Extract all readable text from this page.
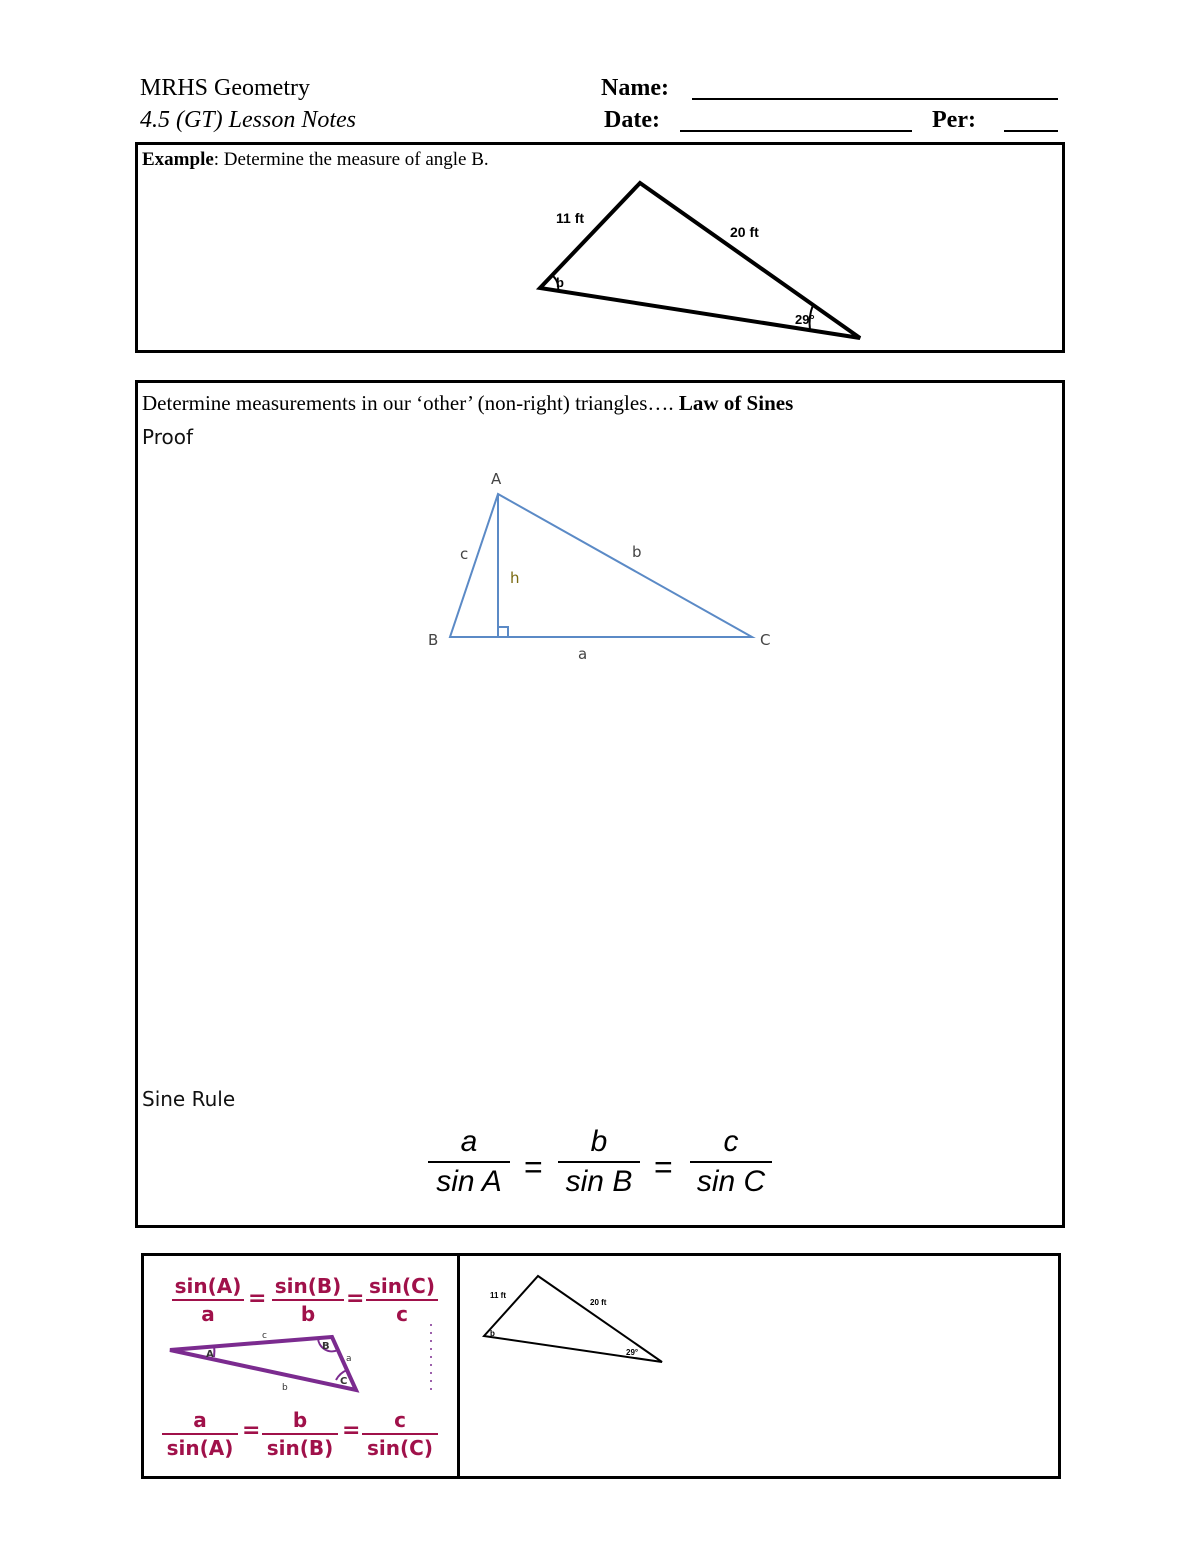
MRHS Geometry
4.5 (GT) Lesson Notes
Name:
Date:	Per:
Example: Determine the measure of angle B.
11 ft
20 ft
b
29°
Determine measurements in our ‘other’ (non-right) triangles…. Law of Sines
Proof
A
B	C
c	b
a
h
Sine Rule
a
sin A =
b
sin B =
c
sin C
sin(A)
a
= sin(B)
b
= sin(C)
c
A
B
C
c
a
b
a
sin(A)
=	b
sin(B)
=	c
sin(C)
11 ft
20 ft
b
29°
